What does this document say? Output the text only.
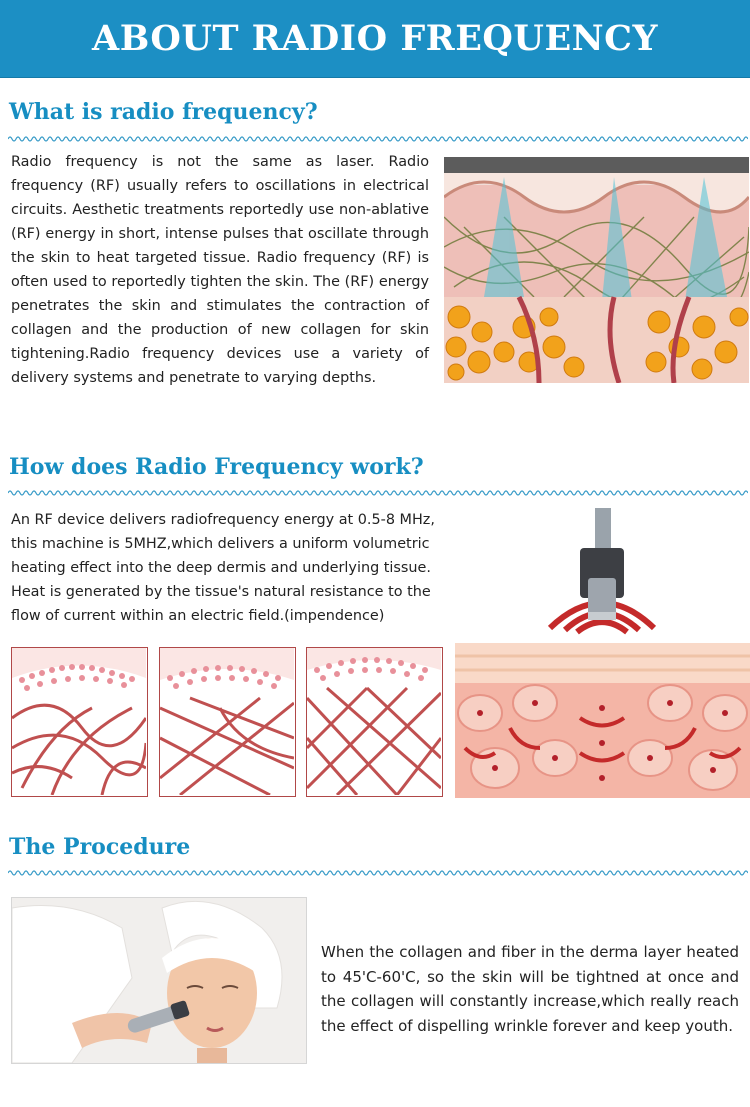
ABOUT RADIO FREQUENCY
What is radio frequency?
Radio frequency is not the same as laser. Radio frequency (RF) usually refers to oscillations in electrical circuits. Aesthetic treatments reportedly use non-ablative (RF) energy in short, intense pulses that oscillate through the skin to heat targeted tissue. Radio frequency (RF) is often used to reportedly tighten the skin. The (RF) energy penetrates the skin and stimulates the contraction of collagen and the production of new collagen for skin tightening.Radio frequency devices use a variety of delivery systems and penetrate to varying depths.
How does Radio Frequency work?
An RF device delivers radiofrequency energy at 0.5-8 MHz, this machine is 5MHZ,which delivers a uniform volumetric heating effect into the deep dermis and underlying tissue. Heat is generated by the tissue's natural resistance to the flow of current within an electric field.(impendence)
The Procedure
When the collagen and fiber in the derma layer heated to 45'C-60'C, so the skin will be tightned at once and the collagen will constantly increase,which really reach the effect of dispelling wrinkle forever and keep youth.
